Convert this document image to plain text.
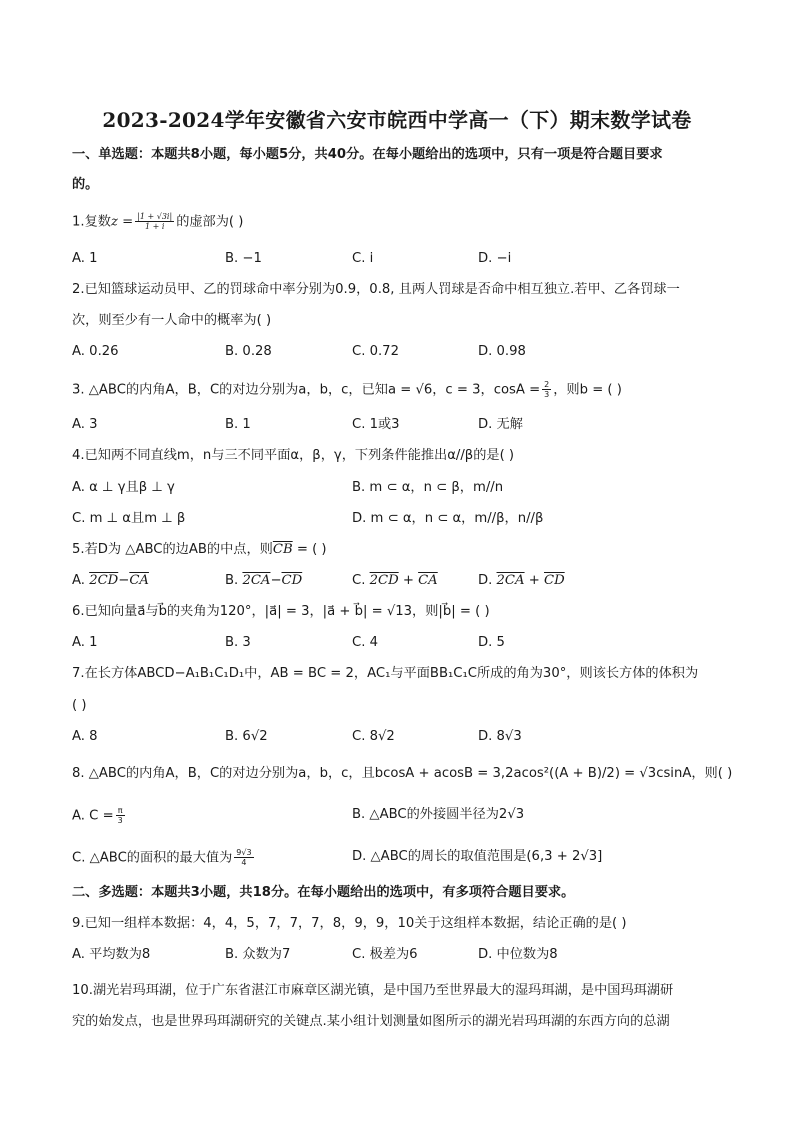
2023-2024学年安徽省六安市皖西中学高一（下）期末数学试卷
一、单选题：本题共8小题，每小题5分，共40分。在每小题给出的选项中，只有一项是符合题目要求
的。
1.复数$z = \frac{|1 + √3i|}{1 + i}$ 的虚部为( )
A. 1	B. −1	C. i	D. −i
2.已知篮球运动员甲、乙的罚球命中率分别为0.9，0.8, 且两人罚球是否命中相互独立.若甲、乙各罚球一
次，则至少有一人命中的概率为( )
A. 0.26	B. 0.28	C. 0.72	D. 0.98
3. △ABC的内角A，B，C的对边分别为a，b，c，已知a = √6，c = 3，$\cos A = \frac{2}{3}$ ，则b = ( )
A. 3	B. 1	C. 1或3	D. 无解
4.已知两不同直线m，n与三不同平面α，β，γ，下列条件能推出α//β的是( )
A. α ⊥ γ且β ⊥ γ	B. m ⊂ α，n ⊂ β，m//n
C. m ⊥ α且m ⊥ β	D. m ⊂ α，n ⊂ α，m//β，n//β
5.若D为 △ABC的边AB的中点，则$\overline{CB}$ = ( )
A. $2CD-\overline{CA}$	B. $2CA-\overline{CD}$	C. $2CD + \overline{CA}$	D. $2CA + \overline{CD}$
6.已知向量a⃗与b⃗的夹角为120°，|a⃗| = 3，|a⃗ + b⃗| = √13，则|b⃗| = ( )
A. 1	B. 3	C. 4	D. 5
7.在长方体ABCD−A₁B₁C₁D₁中，AB = BC = 2，AC₁与平面BB₁C₁C所成的角为30°，则该长方体的体积为
( )
A. 8	B. 6√2	C. 8√2	D. 8√3
8. △ABC的内角A，B，C的对边分别为a，b，c，且bcosA + acosB = 3,2acos²((A + B)/2) = √3csinA，则( )
A. $C = \frac{\pi}{3}$	B. △ABC的外接圆半径为2√3
C. △ABC的面积的最大值为 $\frac{9√3}{4}$	D. △ABC的周长的取值范围是(6,3 + 2√3]
二、多选题：本题共3小题，共18分。在每小题给出的选项中，有多项符合题目要求。
9.已知一组样本数据：4，4，5，7，7，7，8，9，9，10关于这组样本数据，结论正确的是( )
A. 平均数为8	B. 众数为7	C. 极差为6	D. 中位数为8
10.湖光岩玛珥湖，位于广东省湛江市麻章区湖光镇，是中国乃至世界最大的湿玛珥湖，是中国玛珥湖研
究的始发点，也是世界玛珥湖研究的关键点.某小组计划测量如图所示的湖光岩玛珥湖的东西方向的总湖
